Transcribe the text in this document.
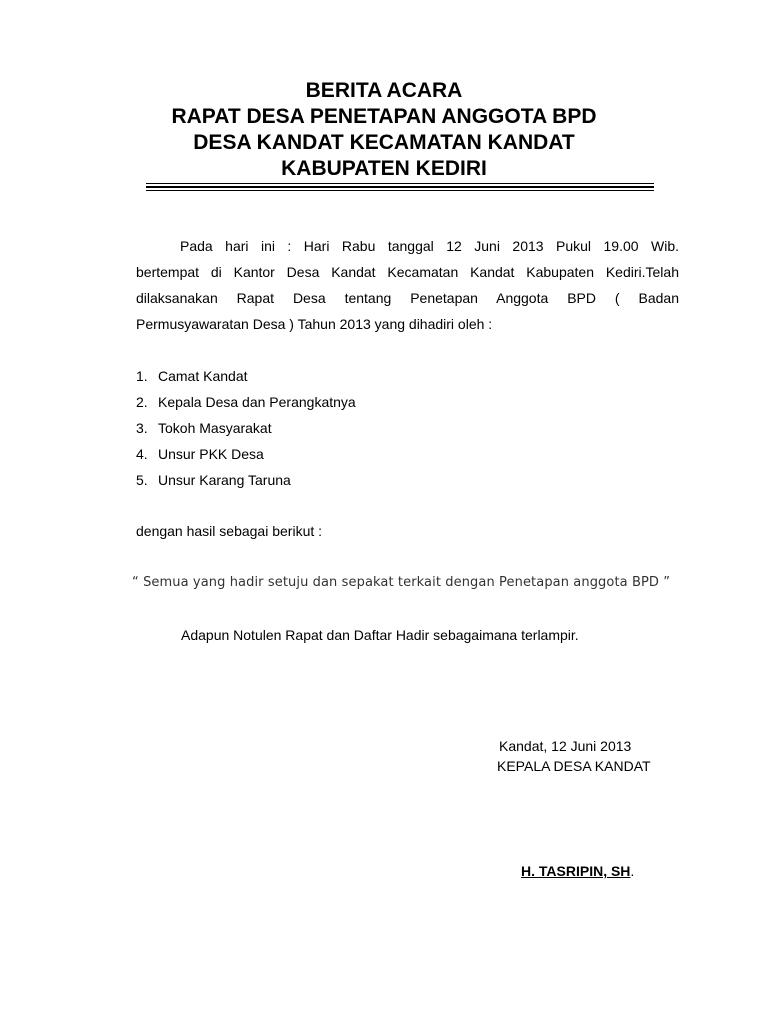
BERITA ACARA
RAPAT DESA PENETAPAN ANGGOTA BPD
DESA KANDAT KECAMATAN KANDAT
KABUPATEN KEDIRI
Pada hari ini : Hari Rabu tanggal 12 Juni 2013 Pukul 19.00 Wib.
bertempat di Kantor Desa Kandat Kecamatan Kandat Kabupaten Kediri.Telah
dilaksanakan Rapat Desa tentang Penetapan Anggota BPD ( Badan
Permusyawaratan Desa ) Tahun 2013 yang dihadiri oleh :
1. Camat Kandat
2. Kepala Desa dan Perangkatnya
3. Tokoh Masyarakat
4. Unsur PKK Desa
5. Unsur Karang Taruna
dengan hasil sebagai berikut :
“ Semua yang hadir setuju dan sepakat terkait dengan Penetapan anggota BPD ”
Adapun Notulen Rapat dan Daftar Hadir sebagaimana terlampir.
Kandat, 12 Juni 2013
KEPALA DESA KANDAT
H. TASRIPIN, SH.
